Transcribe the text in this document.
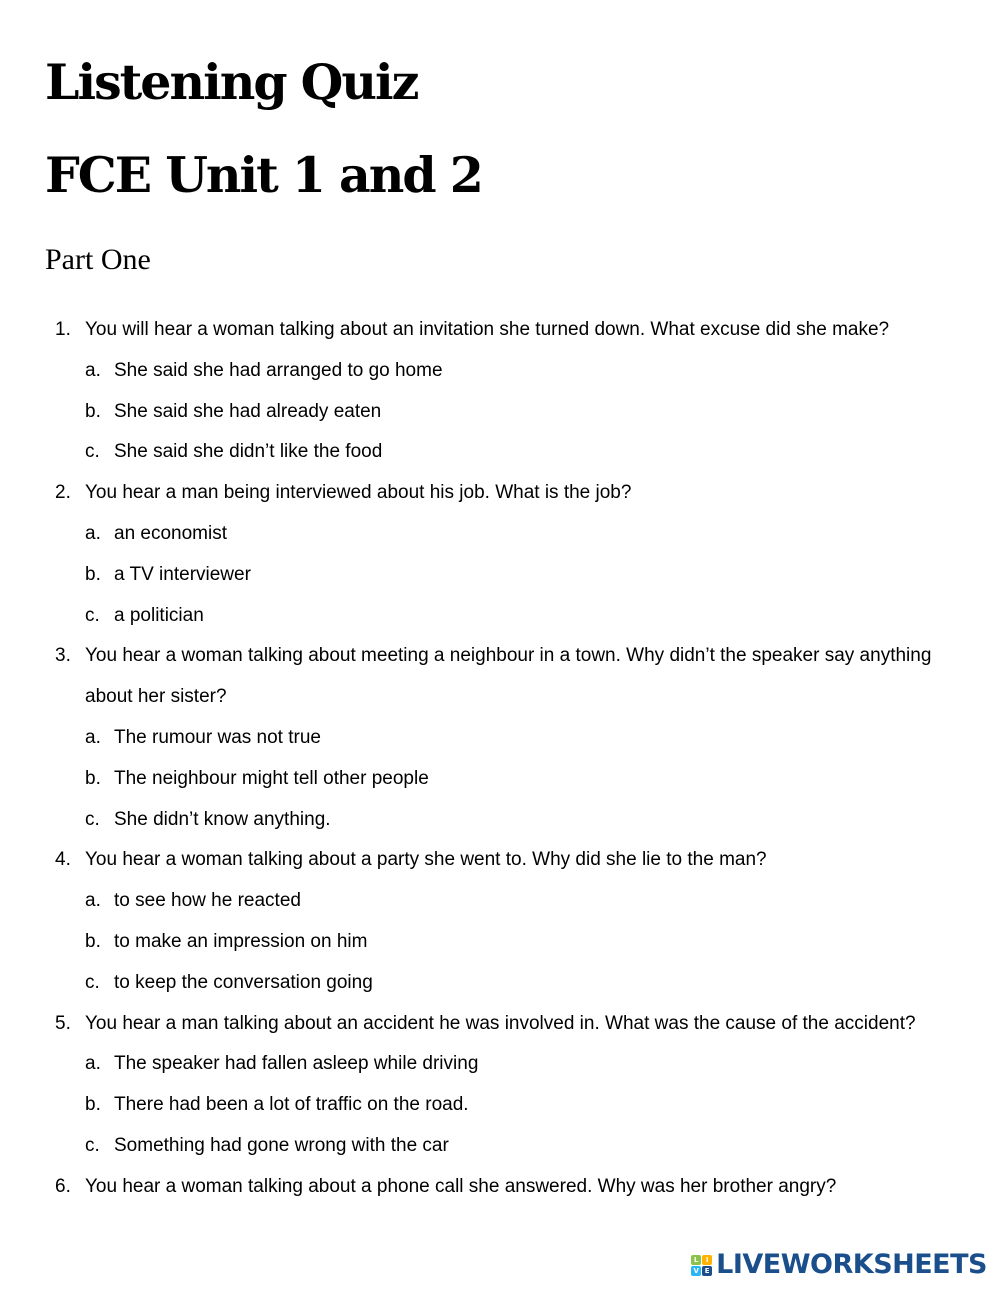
Listening Quiz
FCE Unit 1 and 2
Part One
1. You will hear a woman talking about an invitation she turned down. What excuse did she make?
a. She said she had arranged to go home
b. She said she had already eaten
c. She said she didn’t like the food
2. You hear a man being interviewed about his job. What is the job?
a. an economist
b. a TV interviewer
c. a politician
3. You hear a woman talking about meeting a neighbour in a town. Why didn’t the speaker say anything about her sister?
a. The rumour was not true
b. The neighbour might tell other people
c. She didn’t know anything.
4. You hear a woman talking about a party she went to. Why did she lie to the man?
a. to see how he reacted
b. to make an impression on him
c. to keep the conversation going
5. You hear a man talking about an accident he was involved in. What was the cause of the accident?
a. The speaker had fallen asleep while driving
b. There had been a lot of traffic on the road.
c. Something had gone wrong with the car
6. You hear a woman talking about a phone call she answered. Why was her brother angry?
L	I
V E LIVEWORKSHEETS
